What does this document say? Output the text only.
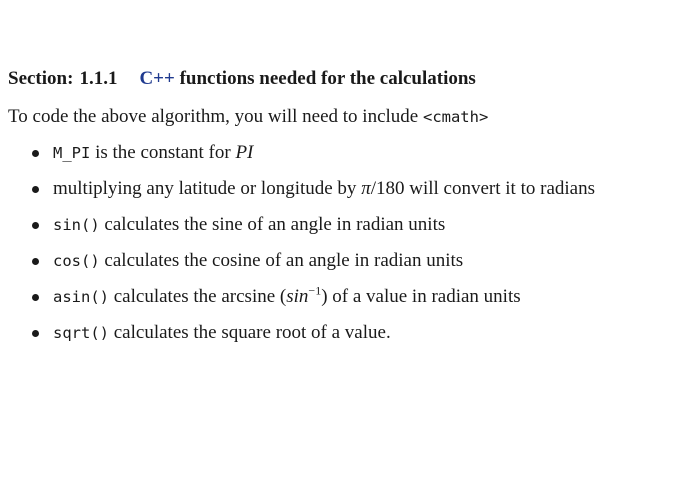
Section: 1.1.1 C++ functions needed for the calculations
To code the above algorithm, you will need to include <cmath>
M_PI is the constant for PI
multiplying any latitude or longitude by π/180 will convert it to radians
sin() calculates the sine of an angle in radian units
cos() calculates the cosine of an angle in radian units
asin() calculates the arcsine $(\sin^{-1})$ of a value in radian units
sqrt() calculates the square root of a value.
